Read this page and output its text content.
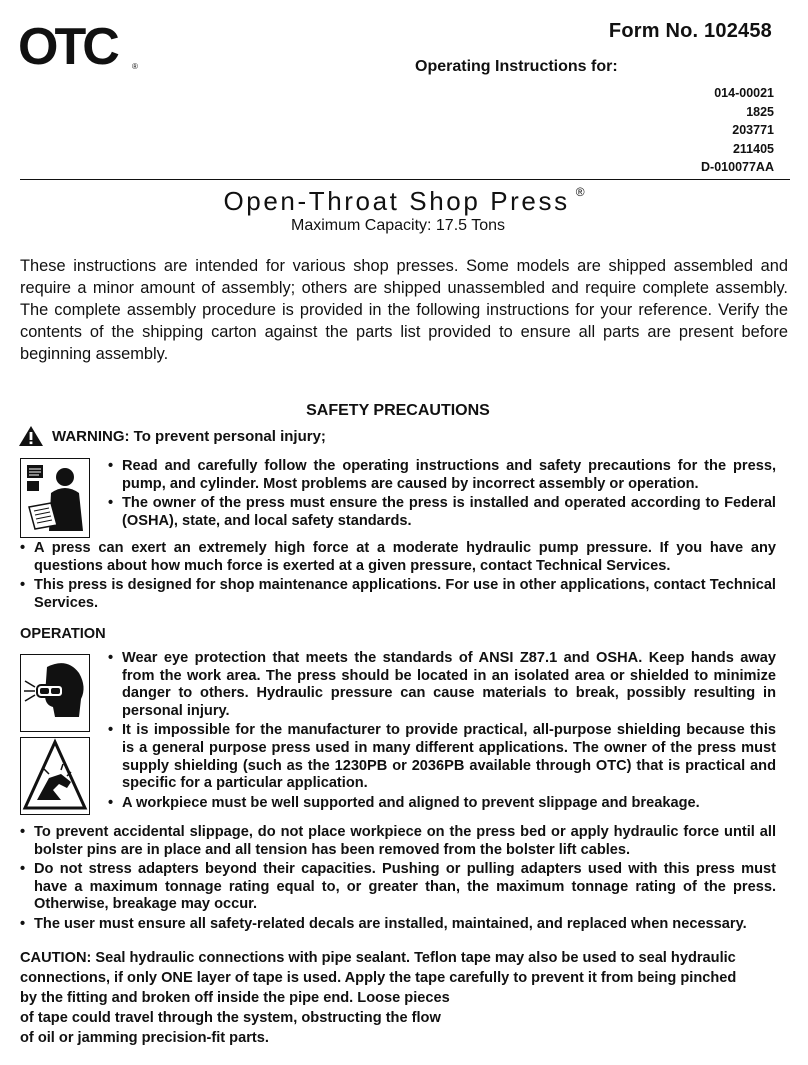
OTC	®
Form No. 102458
Operating Instructions for:
014-00021
1825
203771
211405
D-010077AA
Open-Throat Shop Press ®
Maximum Capacity: 17.5 Tons
These instructions are intended for various shop presses. Some models are shipped assembled and require a minor amount of assembly; others are shipped unassembled and require complete assembly. The complete assembly procedure is provided in the following instructions for your reference. Verify the contents of the shipping carton against the parts list provided to ensure all parts are present before beginning assembly.
SAFETY PRECAUTIONS
WARNING: To prevent personal injury;
• Read and carefully follow the operating instructions and safety precautions for the press, pump, and cylinder. Most problems are caused by incorrect assembly or operation.
• The owner of the press must ensure the press is installed and operated according to Federal (OSHA), state, and local safety standards.
• A press can exert an extremely high force at a moderate hydraulic pump pressure. If you have any questions about how much force is exerted at a given pressure, contact Technical Services.
• This press is designed for shop maintenance applications. For use in other applications, contact Technical Services.
OPERATION
• Wear eye protection that meets the standards of ANSI Z87.1 and OSHA. Keep hands away from the work area. The press should be located in an isolated area or shielded to minimize danger to others. Hydraulic pressure can cause materials to break, possibly resulting in personal injury.
• It is impossible for the manufacturer to provide practical, all-purpose shielding because this is a general purpose press used in many different applications. The owner of the press must supply shielding (such as the 1230PB or 2036PB available through OTC) that is practical and specific for a particular application.
• A workpiece must be well supported and aligned to prevent slippage and breakage.
• To prevent accidental slippage, do not place workpiece on the press bed or apply hydraulic force until all bolster pins are in place and all tension has been removed from the bolster lift cables.
• Do not stress adapters beyond their capacities. Pushing or pulling adapters used with this press must have a maximum tonnage rating equal to, or greater than, the maximum tonnage rating of the press. Otherwise, breakage may occur.
• The user must ensure all safety-related decals are installed, maintained, and replaced when necessary.
CAUTION: Seal hydraulic connections with pipe sealant. Teflon tape may also be used to seal hydraulic
connections, if only ONE layer of tape is used. Apply the tape carefully to prevent it from being pinched
by the fitting and broken off inside the pipe end. Loose pieces
of tape could travel through the system, obstructing the flow
of oil or jamming precision-fit parts.
